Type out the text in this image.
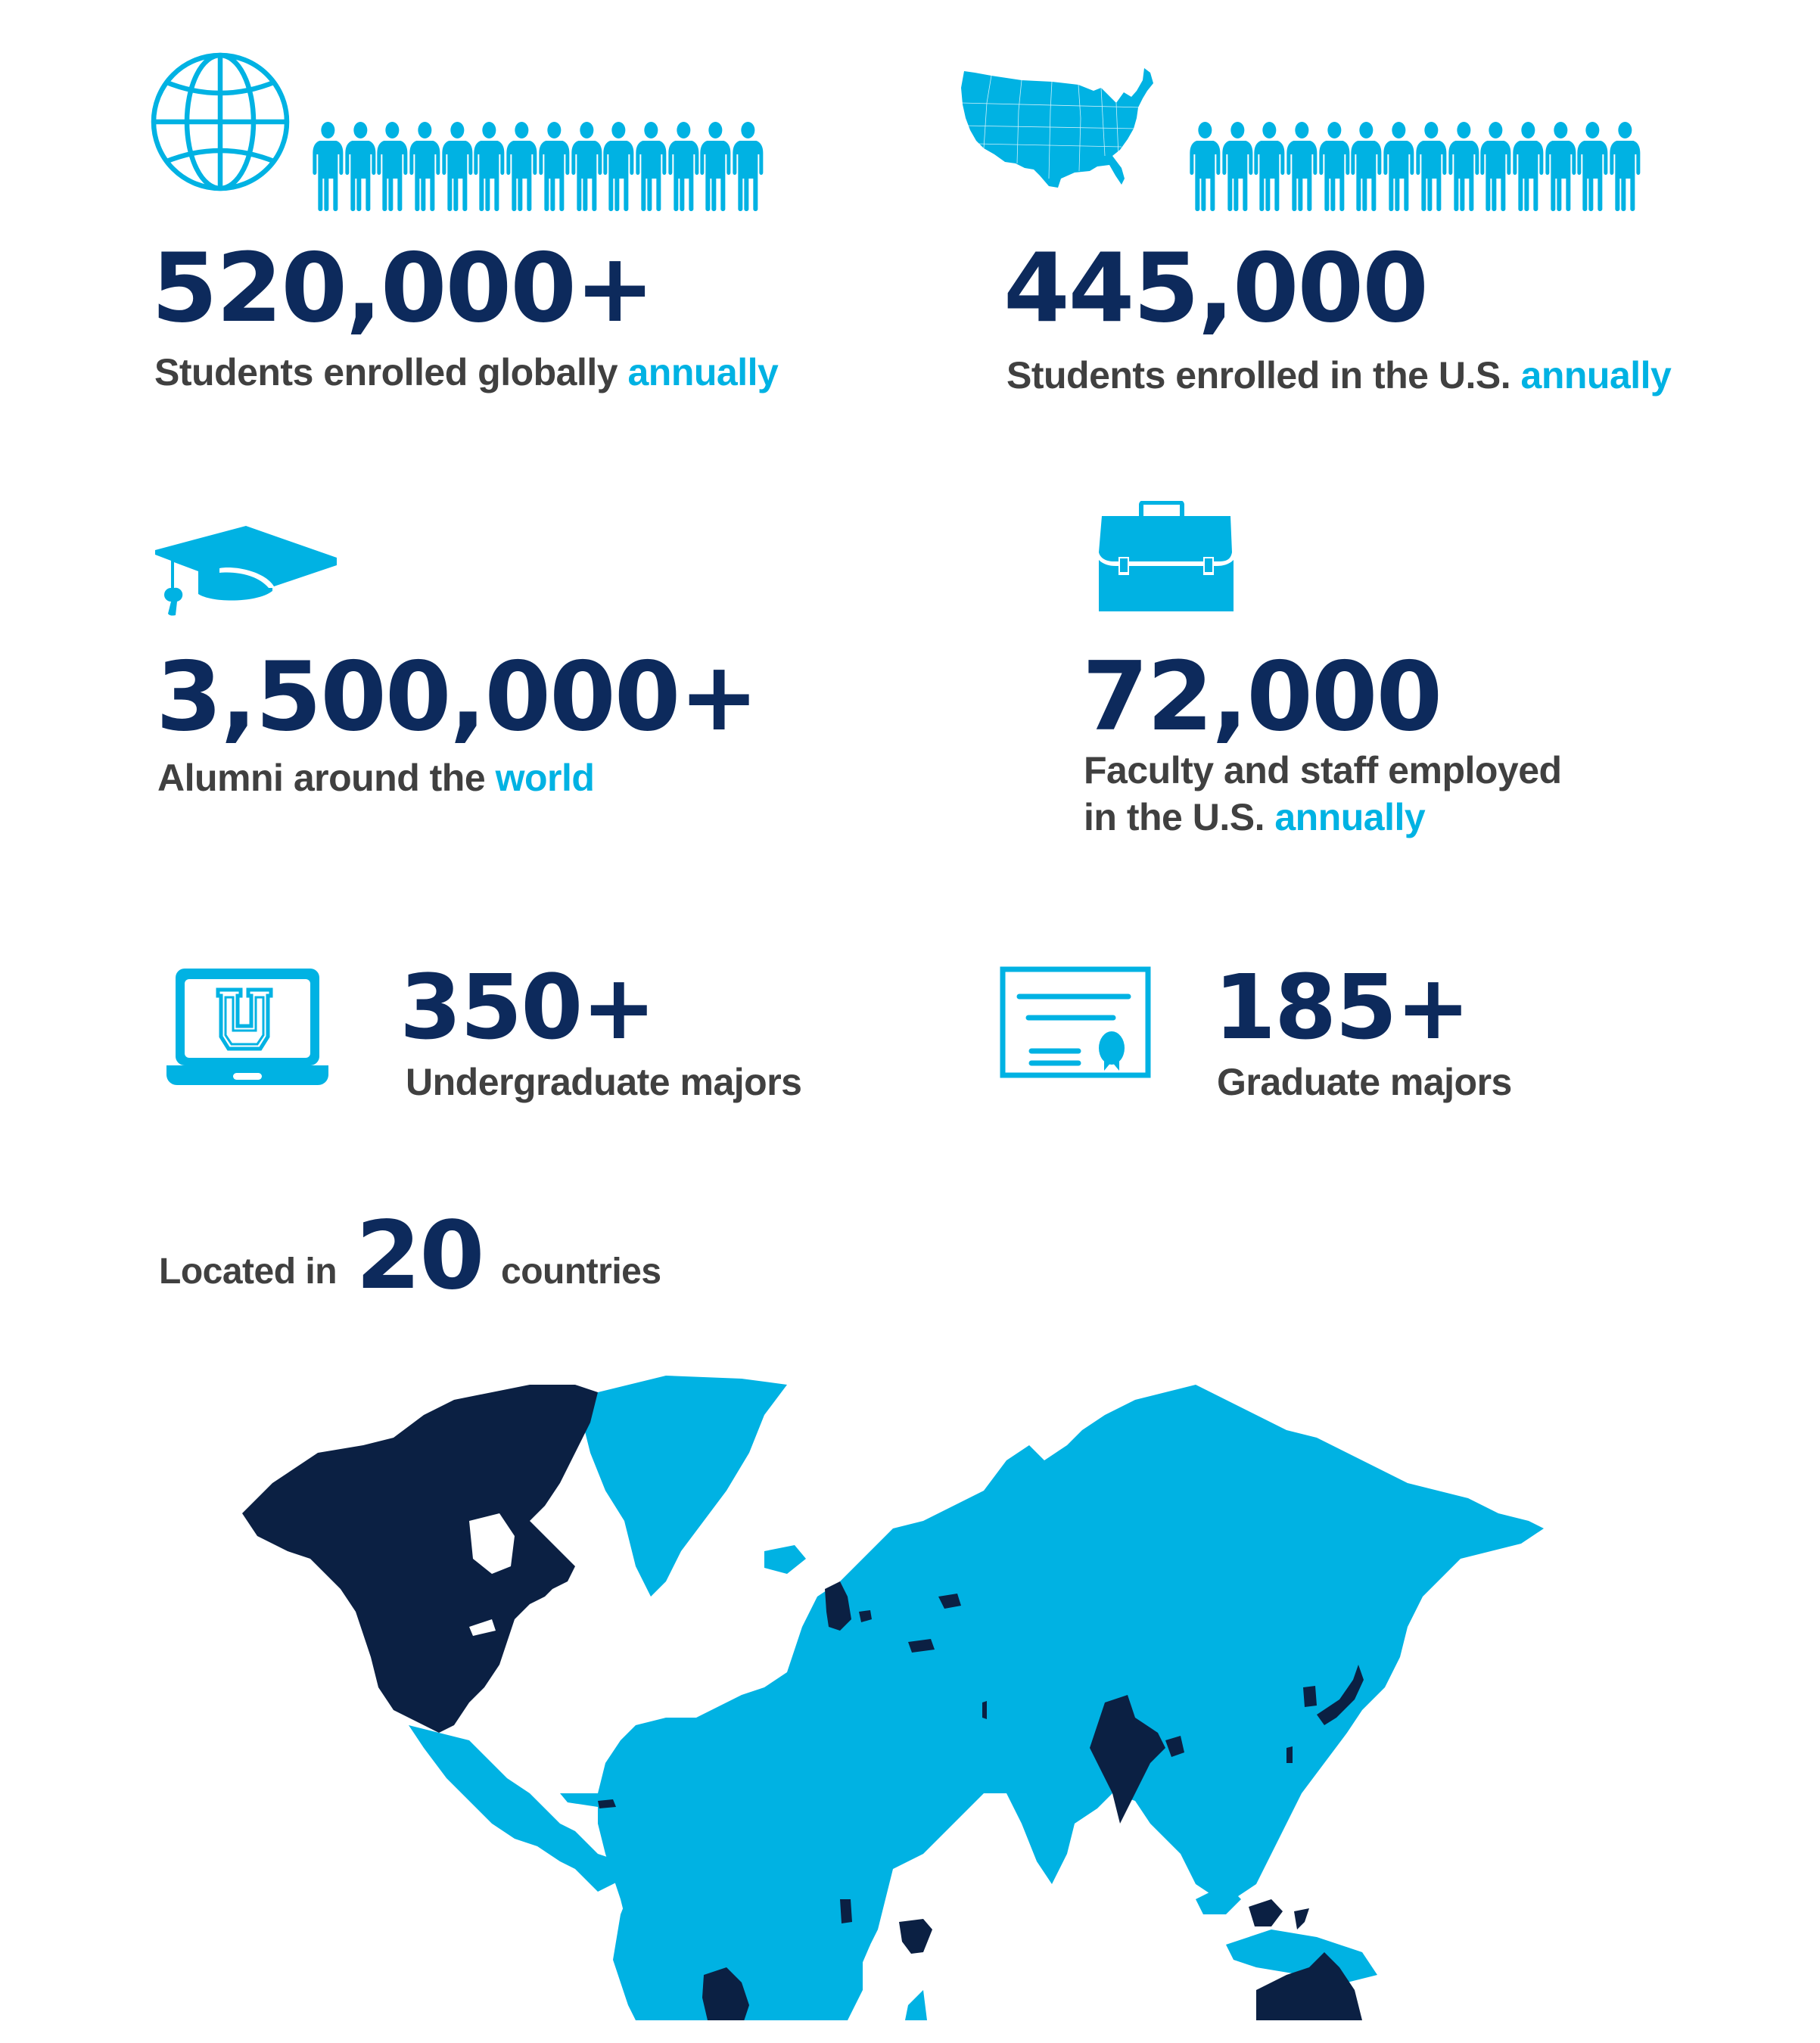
520,000+
Students enrolled globally annually
445,000
Students enrolled in the U.S. annually
3,500,000+
Alumni around the world
72,000
Faculty and staff employed
in the U.S. annually
350+
Undergraduate majors
185+
Graduate majors
Located in 20 countries
